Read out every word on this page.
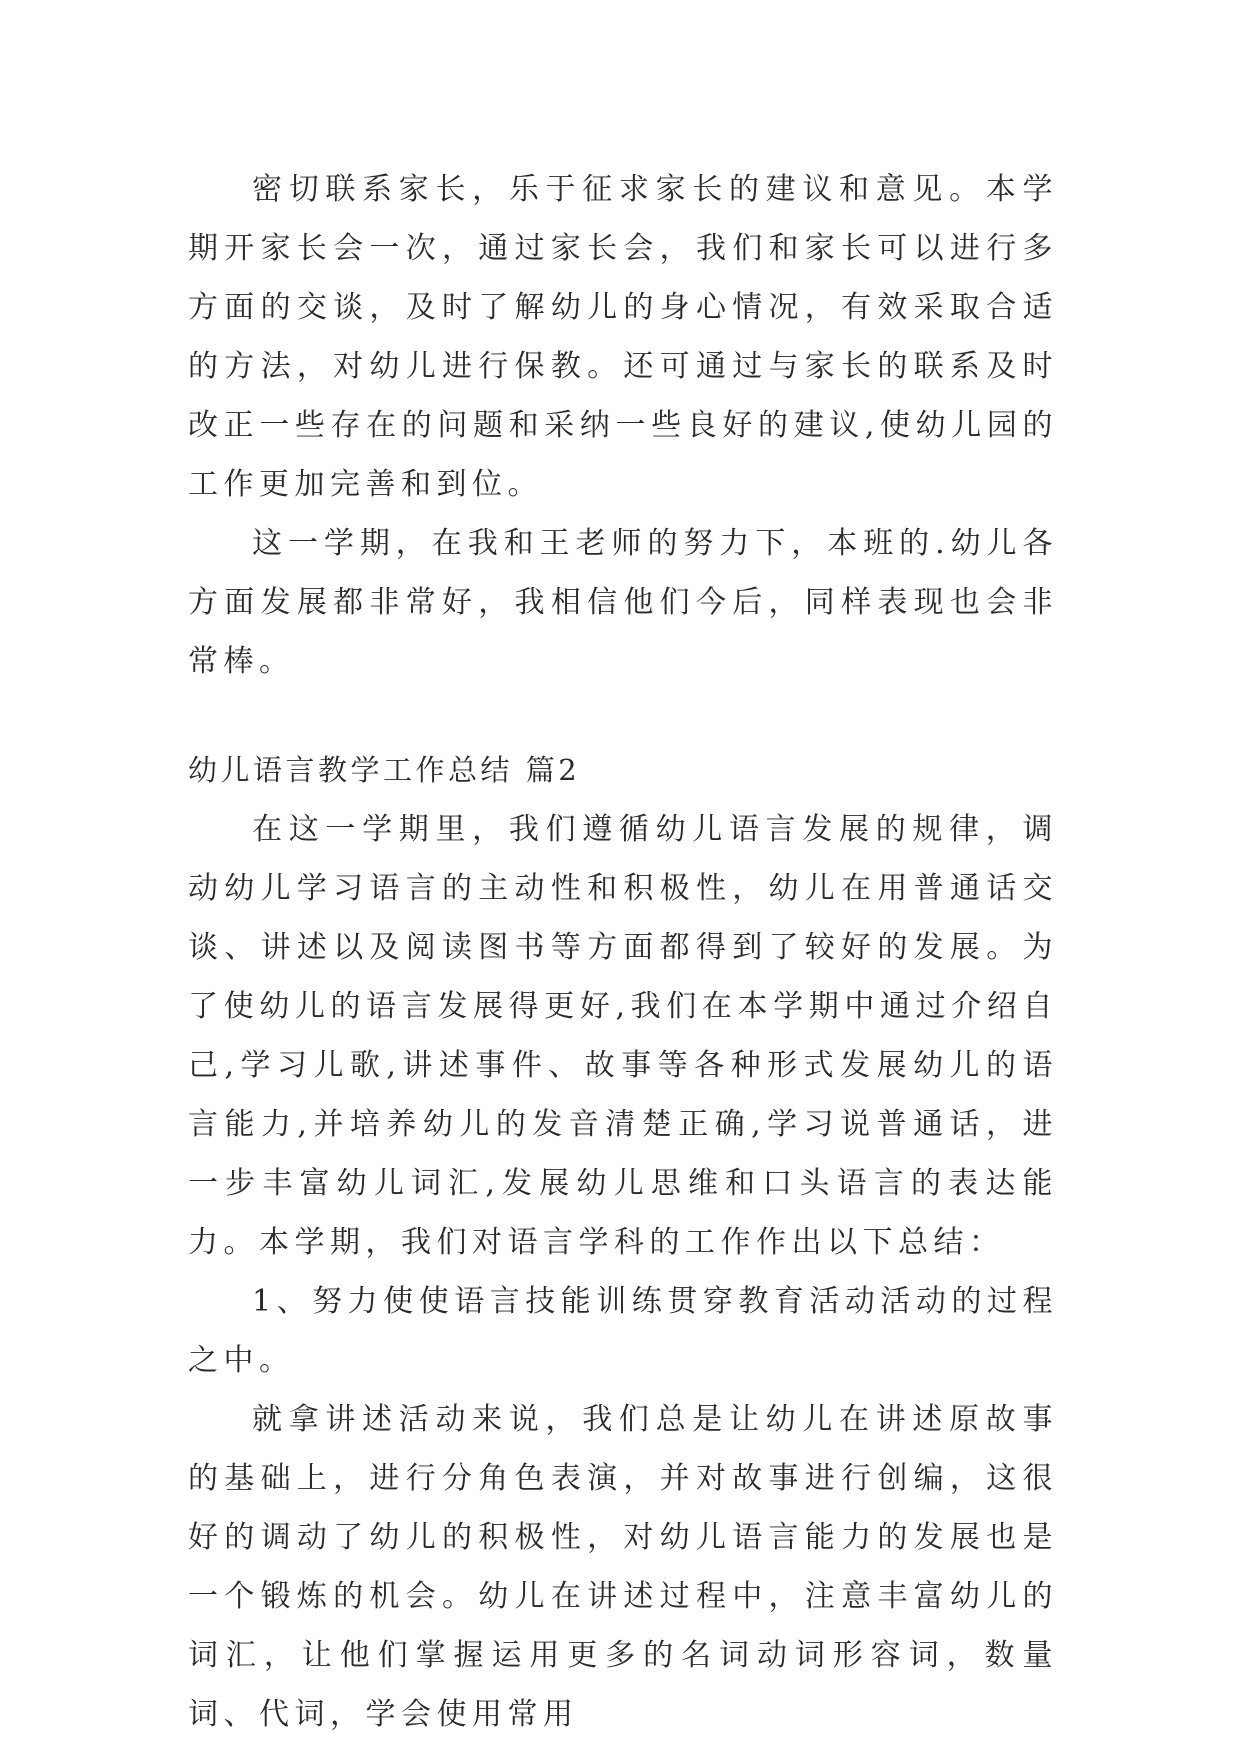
密切联系家长，乐于征求家长的建议和意见。本学期开家长会一次，通过家长会，我们和家长可以进行多方面的交谈，及时了解幼儿的身心情况，有效采取合适的方法，对幼儿进行保教。还可通过与家长的联系及时改正一些存在的问题和采纳一些良好的建议,使幼儿园的工作更加完善和到位。

这一学期，在我和王老师的努力下，本班的.幼儿各方面发展都非常好，我相信他们今后，同样表现也会非常棒。

幼儿语言教学工作总结 篇2

在这一学期里，我们遵循幼儿语言发展的规律，调动幼儿学习语言的主动性和积极性，幼儿在用普通话交谈、讲述以及阅读图书等方面都得到了较好的发展。为了使幼儿的语言发展得更好,我们在本学期中通过介绍自己,学习儿歌,讲述事件、故事等各种形式发展幼儿的语言能力,并培养幼儿的发音清楚正确,学习说普通话，进一步丰富幼儿词汇,发展幼儿思维和口头语言的表达能力。本学期，我们对语言学科的工作作出以下总结：

1、努力使使语言技能训练贯穿教育活动活动的过程之中。

就拿讲述活动来说，我们总是让幼儿在讲述原故事的基础上，进行分角色表演，并对故事进行创编，这很好的调动了幼儿的积极性，对幼儿语言能力的发展也是一个锻炼的机会。幼儿在讲述过程中，注意丰富幼儿的词汇，让他们掌握运用更多的名词动词形容词，数量词、代词，学会使用常用
